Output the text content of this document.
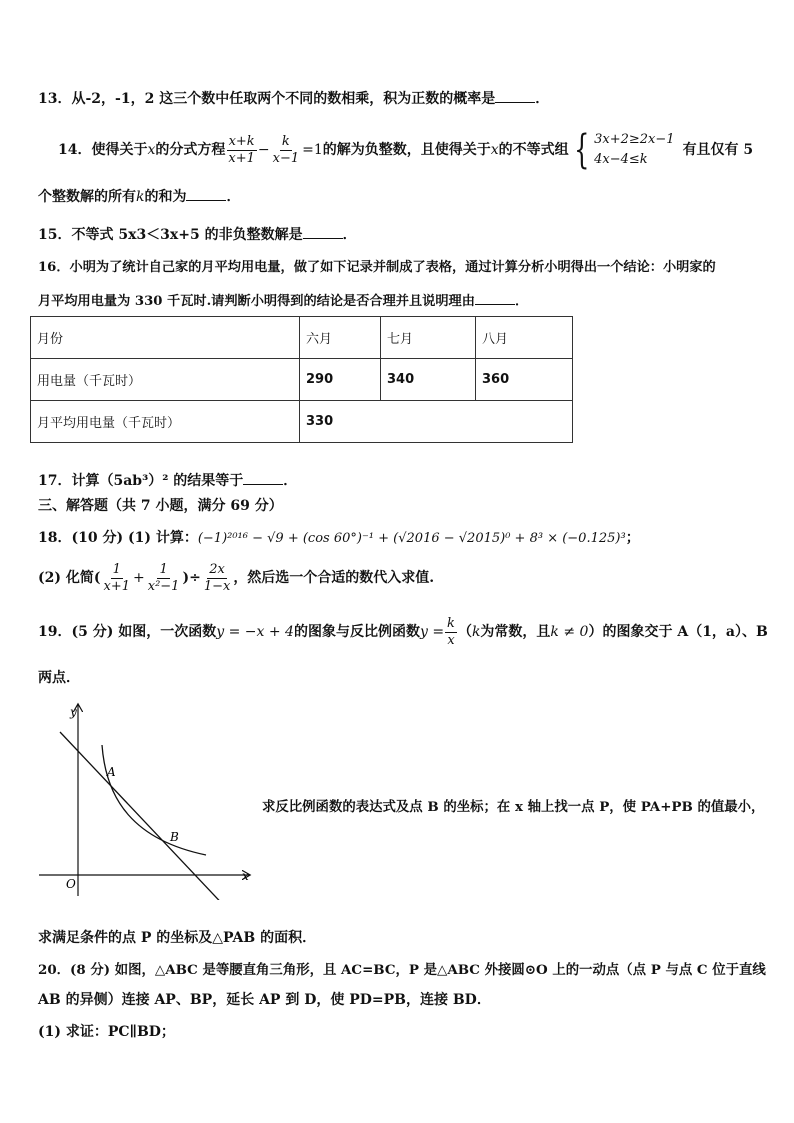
13．从-2，-1，2 这三个数中任取两个不同的数相乘，积为正数的概率是	．
14．使得关于 x 的分式方程 $\frac{x+k}{x+1} - \frac{k}{x-1} =1$ 的解为负整数，且使得关于 x 的不等式组 { 3x+2≥2x−1
4x−4≤k
有且仅有 5
个整数解的所有k的和为	．
15．不等式 5x3＜3x+5 的非负整数解是	．
16．小明为了统计自己家的月平均用电量，做了如下记录并制成了表格，通过计算分析小明得出一个结论：小明家的
月平均用电量为 330 千瓦时.请判断小明得到的结论是否合理并且说明理由	．
月份	六月	七月	八月
用电量（千瓦时）	290	340	360
月平均用电量（千瓦时）	330		
17．计算（5ab³）² 的结果等于	．
三、解答题（共 7 小题，满分 69 分）
18．(10 分) (1) 计算：(−1)²⁰¹⁶ − √9 + (cos 60°)⁻¹ + (√2016 − √2015)⁰ + 8³ × (−0.125)³；
(2) 化简( $\frac{1}{x+1} + \frac{1}{\text{x²−1}}$ )÷ $\frac{2x}{1-x}$ ，然后选一个合适的数代入求值.
19．(5 分) 如图，一次函数 y = −x + 4 的图象与反比例函数 $y = \frac{k}{x}$ （ k 为常数，且 k ≠ 0 ）的图象交于 A（1，a）、B
两点．
y
x
O
A
B
求反比例函数的表达式及点 B 的坐标；在 x 轴上找一点 P，使 PA+PB 的值最小，
求满足条件的点 P 的坐标及△PAB 的面积．
20．(8 分) 如图，△ABC 是等腰直角三角形，且 AC=BC，P 是△ABC 外接圆⊙O 上的一动点（点 P 与点 C 位于直线
AB 的异侧）连接 AP、BP，延长 AP 到 D，使 PD=PB，连接 BD．
(1) 求证：PC∥BD；
